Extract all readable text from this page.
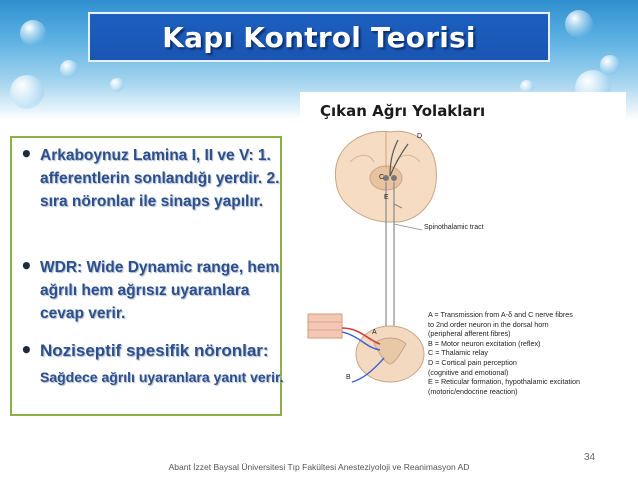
Kapı Kontrol Teorisi
• Arkaboynuz Lamina I, II ve V: 1. afferentlerin sonlandığı yerdir. 2. sıra nöronlar ile sinaps yapılır.
• WDR: Wide Dynamic range, hem ağrılı hem ağrısız uyaranlara cevap verir.
• Noziseptif spesifik nöronlar: Sağdece ağrılı uyaranlara yanıt verir.
Çıkan Ağrı Yolakları
D
C
E
Spinothalamic tract
A
B
A = Transmission from A-δ and C nerve fibres
to 2nd order neuron in the dorsal horn
(peripheral afferent fibres)
B = Motor neuron excitation (reflex)
C = Thalamic relay
D = Cortical pain perception
(cognitive and emotional)
E = Reticular formation, hypothalamic excitation
(motoric/endocrine reaction)
34
Abant İzzet Baysal Üniversitesi Tıp Fakültesi Anesteziyoloji ve Reanimasyon AD
